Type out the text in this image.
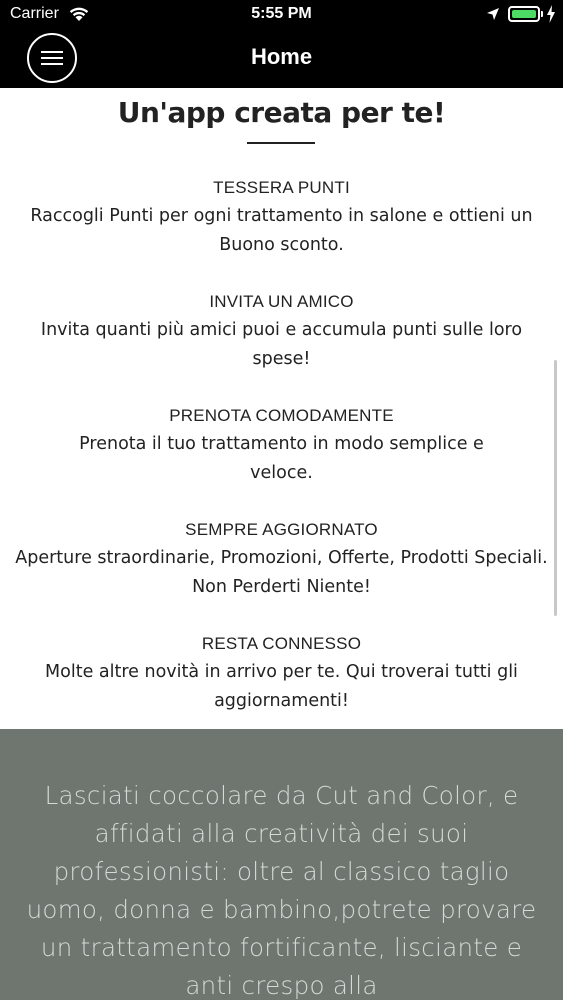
Carrier	5:55 PM
Home
Un'app creata per te!
TESSERA PUNTI
Raccogli Punti per ogni trattamento in salone e ottieni un Buono sconto.
INVITA UN AMICO
Invita quanti più amici puoi e accumula punti sulle loro spese!
PRENOTA COMODAMENTE
Prenota il tuo trattamento in modo semplice e veloce.
SEMPRE AGGIORNATO
Aperture straordinarie, Promozioni, Offerte, Prodotti Speciali. Non Perderti Niente!
RESTA CONNESSO
Molte altre novità in arrivo per te. Qui troverai tutti gli aggiornamenti!
Lasciati coccolare da Cut and Color, e affidati alla creatività dei suoi professionisti: oltre al classico taglio uomo, donna e bambino,potrete provare un trattamento fortificante, lisciante e anti crespo alla
